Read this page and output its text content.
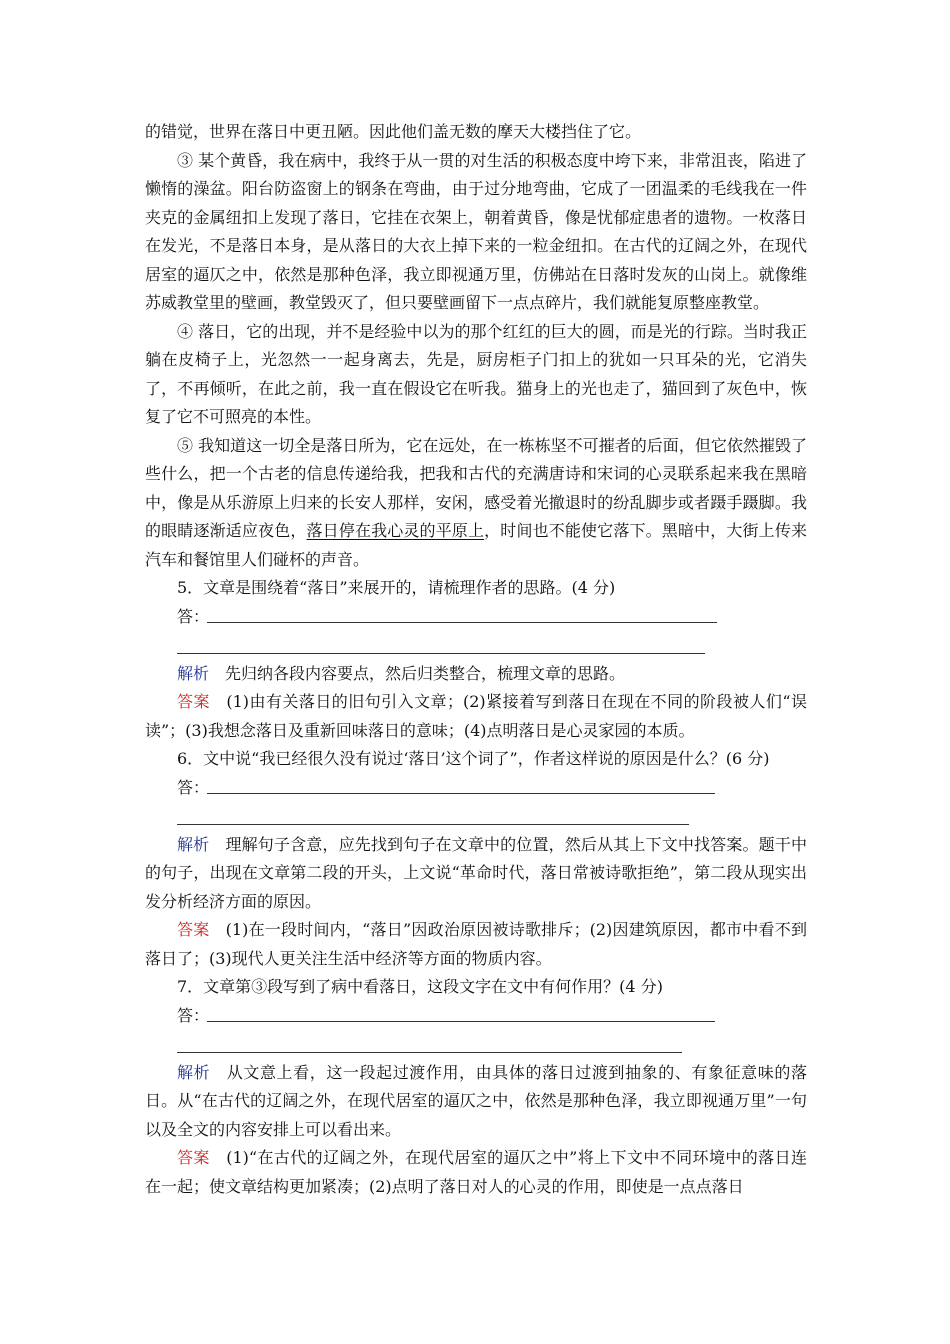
的错觉，世界在落日中更丑陋。因此他们盖无数的摩天大楼挡住了它。

③ 某个黄昏，我在病中，我终于从一贯的对生活的积极态度中垮下来，非常沮丧，陷进了懒惰的澡盆。阳台防盗窗上的钢条在弯曲，由于过分地弯曲，它成了一团温柔的毛线我在一件夹克的金属纽扣上发现了落日，它挂在衣架上，朝着黄昏，像是忧郁症患者的遗物。一枚落日在发光，不是落日本身，是从落日的大衣上掉下来的一粒金纽扣。在古代的辽阔之外，在现代居室的逼仄之中，依然是那种色泽，我立即视通万里，仿佛站在日落时发灰的山岗上。就像维苏威教堂里的壁画，教堂毁灭了，但只要壁画留下一点点碎片，我们就能复原整座教堂。

④ 落日，它的出现，并不是经验中以为的那个红红的巨大的圆，而是光的行踪。当时我正躺在皮椅子上，光忽然一一起身离去，先是，厨房柜子门扣上的犹如一只耳朵的光，它消失了，不再倾听，在此之前，我一直在假设它在听我。猫身上的光也走了，猫回到了灰色中，恢复了它不可照亮的本性。

⑤ 我知道这一切全是落日所为，它在远处，在一栋栋坚不可摧者的后面，但它依然摧毁了些什么，把一个古老的信息传递给我，把我和古代的充满唐诗和宋词的心灵联系起来我在黑暗中，像是从乐游原上归来的长安人那样，安闲，感受着光撤退时的纷乱脚步或者蹑手蹑脚。我的眼睛逐渐适应夜色，落日停在我心灵的平原上，时间也不能使它落下。黑暗中，大街上传来汽车和餐馆里人们碰杯的声音。

5．文章是围绕着“落日”来展开的，请梳理作者的思路。(4 分)

答：

解析　先归纳各段内容要点，然后归类整合，梳理文章的思路。

答案　(1)由有关落日的旧句引入文章；(2)紧接着写到落日在现在不同的阶段被人们“误读”；(3)我想念落日及重新回味落日的意味；(4)点明落日是心灵家园的本质。

6．文中说“我已经很久没有说过‘落日’这个词了”，作者这样说的原因是什么？(6 分)

答：

解析　理解句子含意，应先找到句子在文章中的位置，然后从其上下文中找答案。题干中的句子，出现在文章第二段的开头，上文说“革命时代，落日常被诗歌拒绝”，第二段从现实出发分析经济方面的原因。

答案　(1)在一段时间内，“落日”因政治原因被诗歌排斥；(2)因建筑原因，都市中看不到落日了；(3)现代人更关注生活中经济等方面的物质内容。

7．文章第③段写到了病中看落日，这段文字在文中有何作用？(4 分)

答：

解析　从文意上看，这一段起过渡作用，由具体的落日过渡到抽象的、有象征意味的落日。从“在古代的辽阔之外，在现代居室的逼仄之中，依然是那种色泽，我立即视通万里”一句以及全文的内容安排上可以看出来。

答案　(1)“在古代的辽阔之外，在现代居室的逼仄之中”将上下文中不同环境中的落日连在一起；使文章结构更加紧凑；(2)点明了落日对人的心灵的作用，即使是一点点落日
